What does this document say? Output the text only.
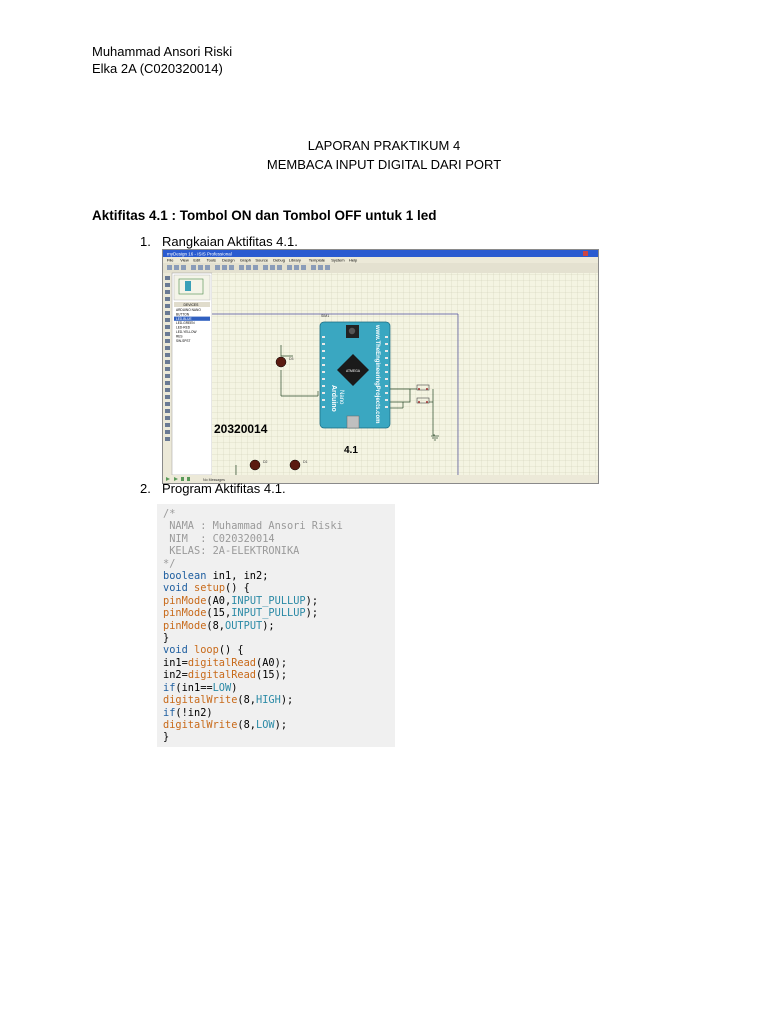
Muhammad Ansori Riski
Elka 2A (C020320014)
LAPORAN PRAKTIKUM 4
MEMBACA INPUT DIGITAL DARI PORT
Aktifitas 4.1 : Tombol ON dan Tombol OFF untuk 1 led
1. Rangkaian Aktifitas 4.1.
myDesign 16 - ISIS Professional
File View Edit Tools Design Graph Source Debug Library Template System Help
DEVICES
ARDUINO NANO
BUTTON
LED-BLUE
LED-GREEN
LED-RED
LED-YELLOW
RES
SW-SPST
SIM1
D3
ATMEGA www.TheEngineeringProjects.com
Arduino Nano
20320014
4.1
D2	D1
No Messages
2. Program Aktifitas 4.1.
/*
NAMA : Muhammad Ansori Riski
NIM  : C020320014
KELAS: 2A-ELEKTRONIKA
*/
boolean in1, in2;
void setup() {
pinMode(A0,INPUT_PULLUP);
pinMode(15,INPUT_PULLUP);
pinMode(8,OUTPUT);
}
void loop() {
in1=digitalRead(A0);
in2=digitalRead(15);
if(in1==LOW)
digitalWrite(8,HIGH);
if(!in2)
digitalWrite(8,LOW);
}
